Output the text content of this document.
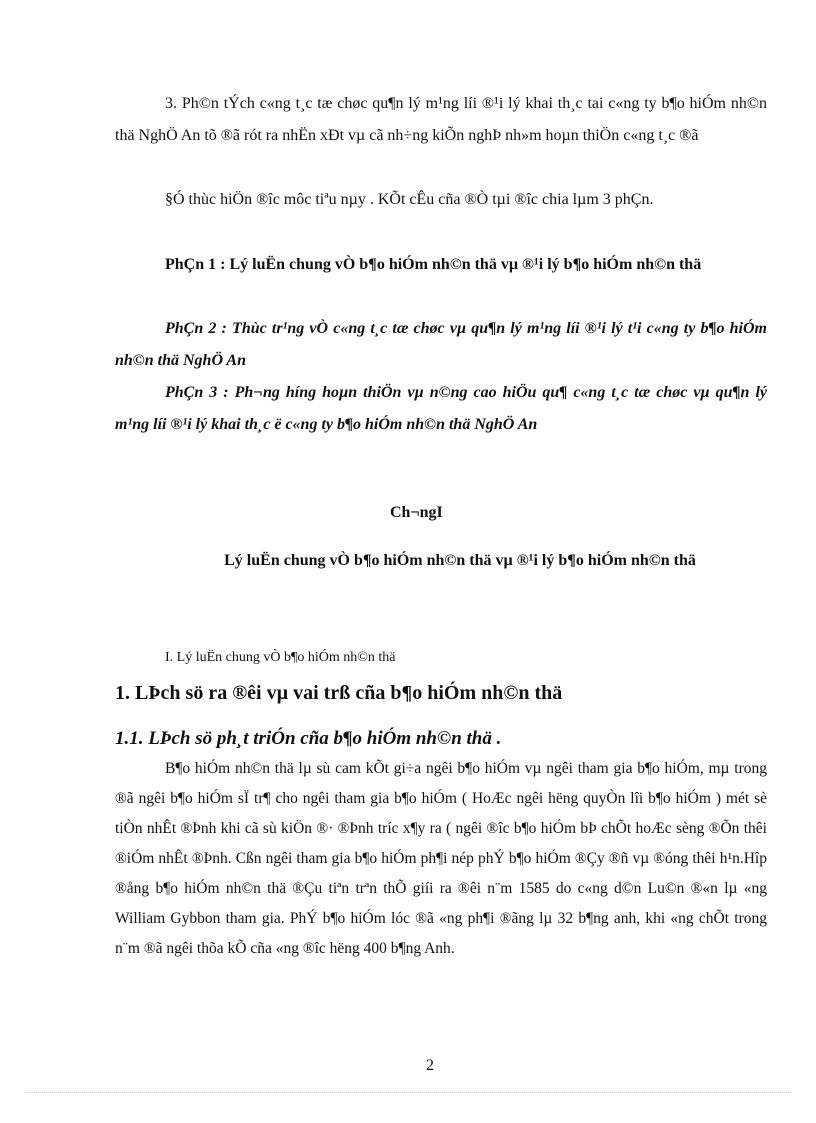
3. Ph©n tÝch c«ng t¸c tæ chøc qu¶n lý m¹ng líi ®¹i lý khai th¸c tai c«ng ty b¶o hiÓm nh©n thä NghÖ An tõ ®ã rót ra nhËn xÐt vµ cã nh÷ng kiÕn nghÞ nh»m hoµn thiÖn c«ng t¸c ®ã

§Ó thùc hiÖn ®îc môc tiªu nµy . KÕt cÊu cña ®Ò tµi ®îc chia lµm 3 phÇn.

PhÇn 1 : Lý luËn chung vÒ b¶o hiÓm nh©n thä vµ ®¹i lý b¶o hiÓm nh©n thä

PhÇn 2 : Thùc tr¹ng vÒ c«ng t¸c tæ chøc vµ qu¶n lý m¹ng líi ®¹i lý t¹i c«ng ty b¶o hiÓm nh©n thä NghÖ An

PhÇn 3 : Ph¬ng híng hoµn thiÖn vµ n©ng cao hiÖu qu¶ c«ng t¸c tæ chøc vµ qu¶n lý m¹ng líi ®¹i lý khai th¸c ë c«ng ty b¶o hiÓm nh©n thä NghÖ An

Ch¬ngI
Lý luËn chung vÒ b¶o hiÓm nh©n thä vµ ®¹i lý b¶o hiÓm nh©n thä
I. Lý luËn chung vÒ b¶o hiÓm nh©n thä
1. LÞch sö ra ®êi vµ vai trß cña b¶o hiÓm nh©n thä
1.1. LÞch sö ph¸t triÓn cña b¶o hiÓm nh©n thä .

B¶o hiÓm nh©n thä lµ sù cam kÕt gi÷a ngêi b¶o hiÓm vµ ngêi tham gia b¶o hiÓm, mµ trong ®ã ngêi b¶o hiÓm sÏ tr¶ cho ngêi tham gia b¶o hiÓm ( HoÆc ngêi hëng quyÒn lîi b¶o hiÓm ) mét sè tiÒn nhÊt ®Þnh khi cã sù kiÖn ®· ®Þnh tríc x¶y ra ( ngêi ®îc b¶o hiÓm bÞ chÕt hoÆc sèng ®Õn thêi ®iÓm nhÊt ®Þnh. Cßn ngêi tham gia b¶o hiÓm ph¶i nép phÝ b¶o hiÓm ®Çy ®ñ vµ ®óng thêi h¹n.Hîp ®ång b¶o hiÓm nh©n thä ®Çu tiªn trªn thÕ giíi ra ®êi n¨m 1585 do c«ng d©n Lu©n ®«n lµ «ng William Gybbon tham gia. PhÝ b¶o hiÓm lóc ®ã «ng ph¶i ®ãng lµ 32 b¶ng anh, khi «ng chÕt trong n¨m ®ã ngêi thõa kÕ cña «ng ®îc hëng 400 b¶ng Anh.

2
